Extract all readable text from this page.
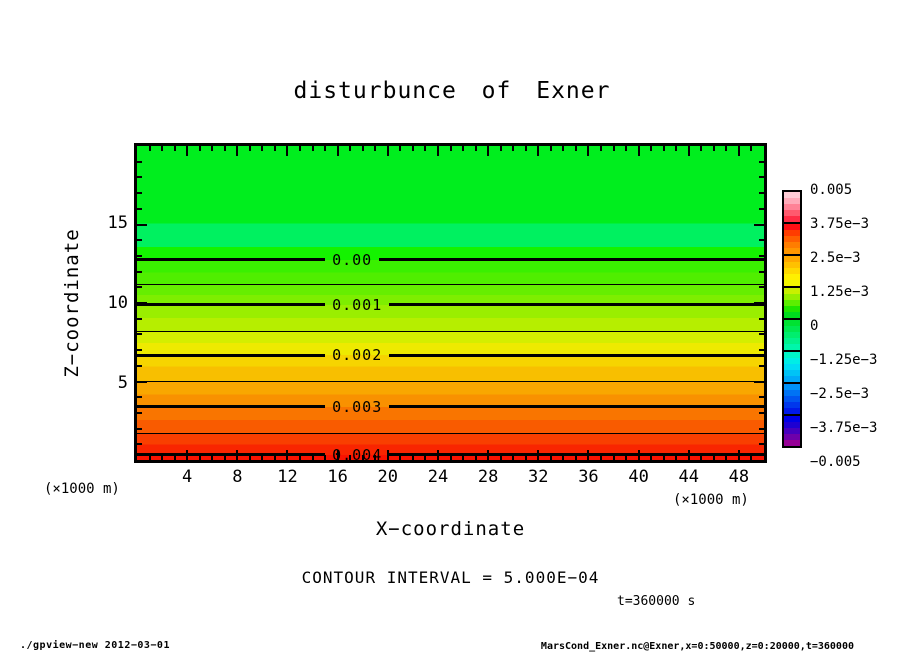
disturbunce of Exner
Z−coordinate	0.00
0.001
0.002
0.003
0.004
5
10
15
4 8 12 16 20 24 28 32 36 40 44 48
(×1000 m)
(×1000 m)
X−coordinate
CONTOUR INTERVAL = 5.000E−04
t=360000 s
0.005
3.75e−3
2.5e−3
1.25e−3
0
−1.25e−3
−2.5e−3
−3.75e−3
−0.005
./gpview−new 2012−03−01	MarsCond_Exner.nc@Exner,x=0:50000,z=0:20000,t=360000
